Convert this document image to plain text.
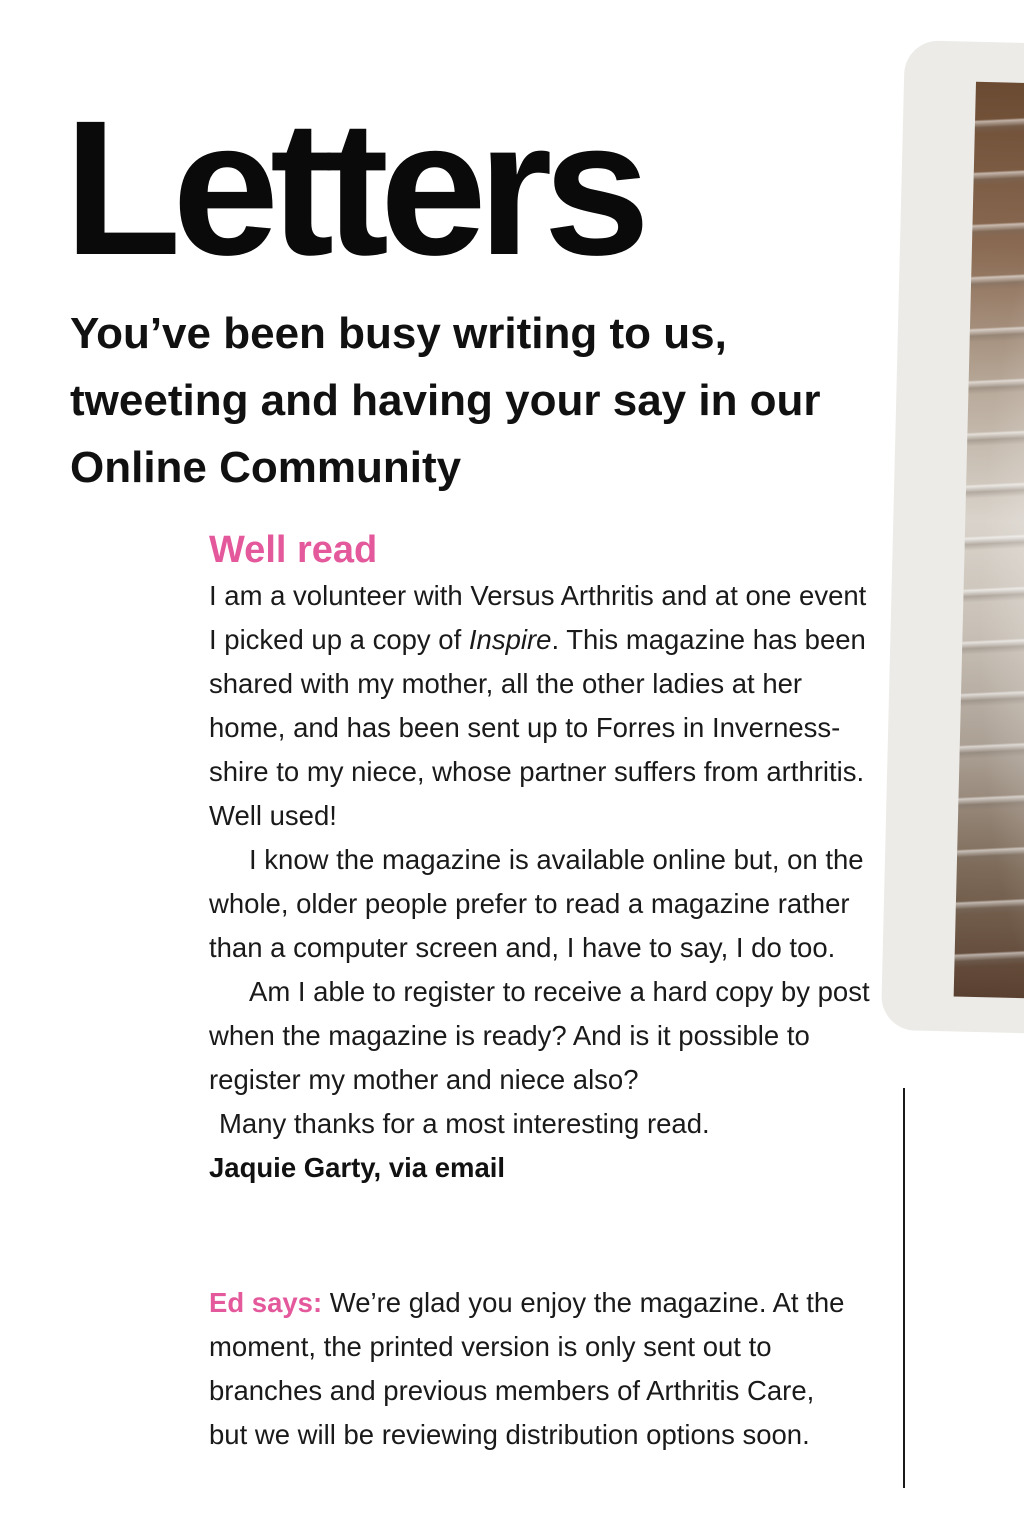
Letters

You’ve been busy writing to us, tweeting and having your say in our Online Community

Well read

I am a volunteer with Versus Arthritis and at one event I picked up a copy of Inspire. This magazine has been shared with my mother, all the other ladies at her home, and has been sent up to Forres in Inverness-shire to my niece, whose partner suffers from arthritis. Well used!
I know the magazine is available online but, on the whole, older people prefer to read a magazine rather than a computer screen and, I have to say, I do too.
Am I able to register to receive a hard copy by post when the magazine is ready? And is it possible to register my mother and niece also?
Many thanks for a most interesting read.
Jaquie Garty, via email

Ed says: We’re glad you enjoy the magazine. At the moment, the printed version is only sent out to branches and previous members of Arthritis Care, but we will be reviewing distribution options soon.
